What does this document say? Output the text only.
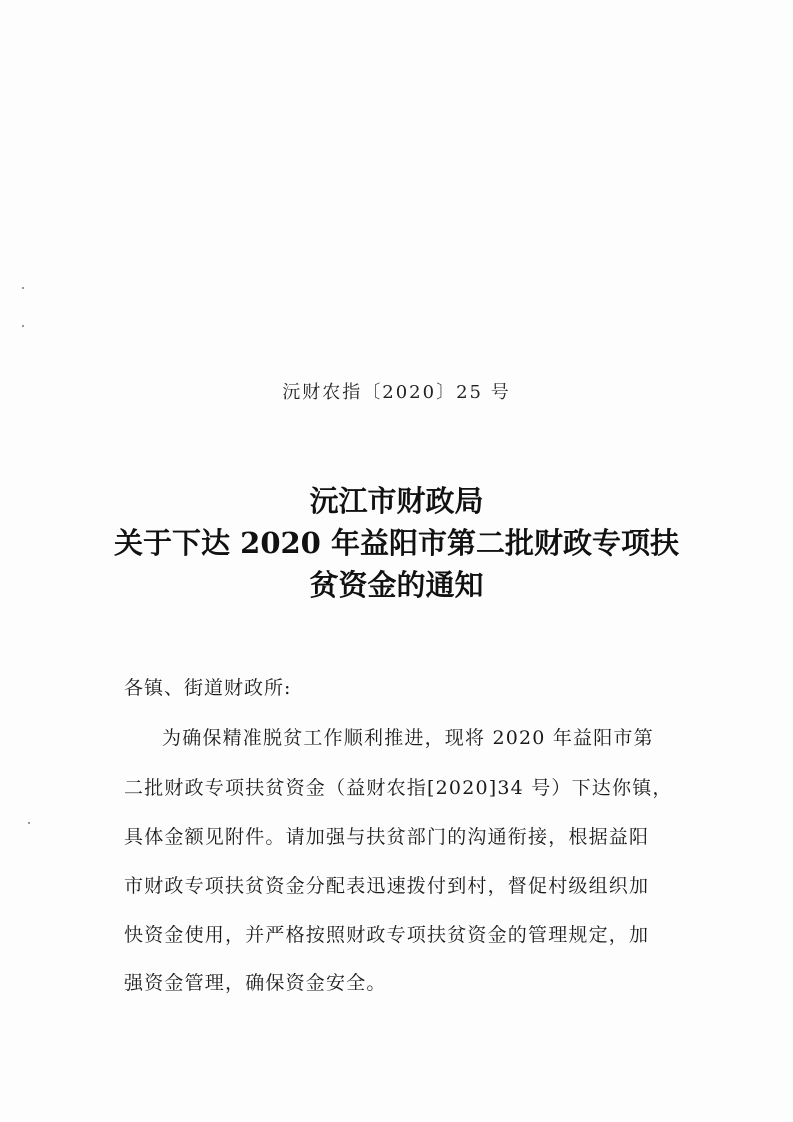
沅财农指〔2020〕25 号
沅江市财政局
关于下达 2020 年益阳市第二批财政专项扶
贫资金的通知
各镇、街道财政所:
为确保精准脱贫工作顺利推进，现将 2020 年益阳市第
二批财政专项扶贫资金（益财农指[2020]34 号）下达你镇，
具体金额见附件。请加强与扶贫部门的沟通衔接，根据益阳
市财政专项扶贫资金分配表迅速拨付到村，督促村级组织加
快资金使用，并严格按照财政专项扶贫资金的管理规定，加
强资金管理，确保资金安全。
